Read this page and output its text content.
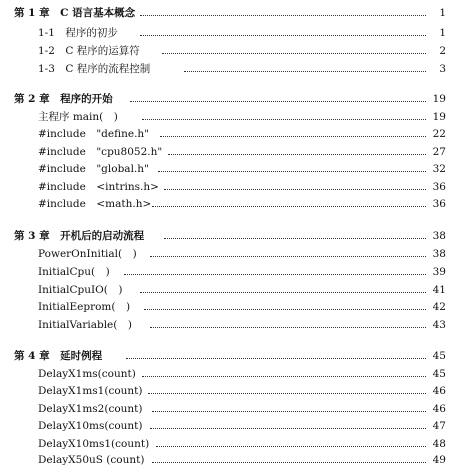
第 1 章　C 语言基本概念	1
1-1　程序的初步	1
1-2　C 程序的运算符	2
1-3　C 程序的流程控制	3
第 2 章　程序的开始	19
主程序 main(　)	19
#include　"define.h"	22
#include　"cpu8052.h"	27
#include　"global.h"	32
#include　<intrins.h>	36
#include　<math.h>	36
第 3 章　开机后的启动流程	38
PowerOnInitial(　)	38
InitialCpu(　)	39
InitialCpuIO(　)	41
InitialEeprom(　)	42
InitialVariable(　)	43
第 4 章　延时例程	45
DelayX1ms(count)	45
DelayX1ms1(count)	46
DelayX1ms2(count)	46
DelayX10ms(count)	47
DelayX10ms1(count)	48
DelayX50uS (count)	49
